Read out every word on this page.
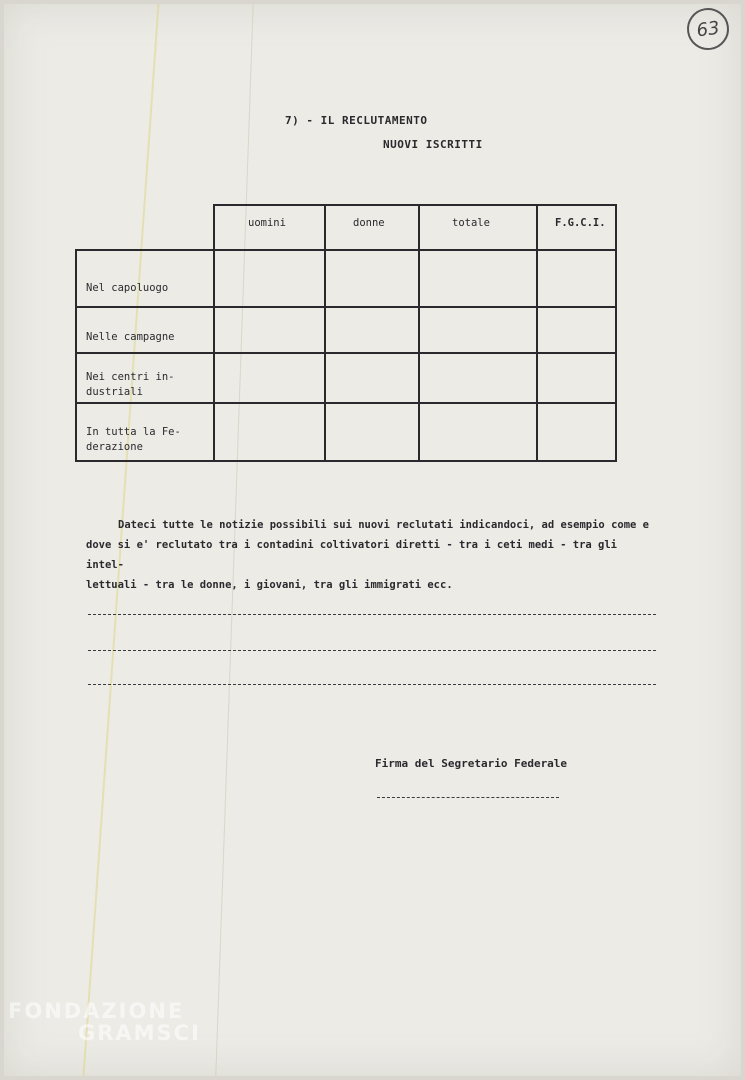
63
7) - IL RECLUTAMENTO
NUOVI ISCRITTI
uomini	donne	totale	F.G.C.I.
Nel capoluogo
Nelle campagne
Nei centri in-
dustriali
In tutta la Fe-
derazione
Dateci tutte le notizie possibili sui nuovi reclutati indicandoci, ad esempio come e
dove si e' reclutato tra i contadini coltivatori diretti - tra i ceti medi - tra gli intel-
lettuali - tra le donne, i giovani, tra gli immigrati ecc.
Firma del Segretario Federale
FONDAZIONE
GRAMSCI
